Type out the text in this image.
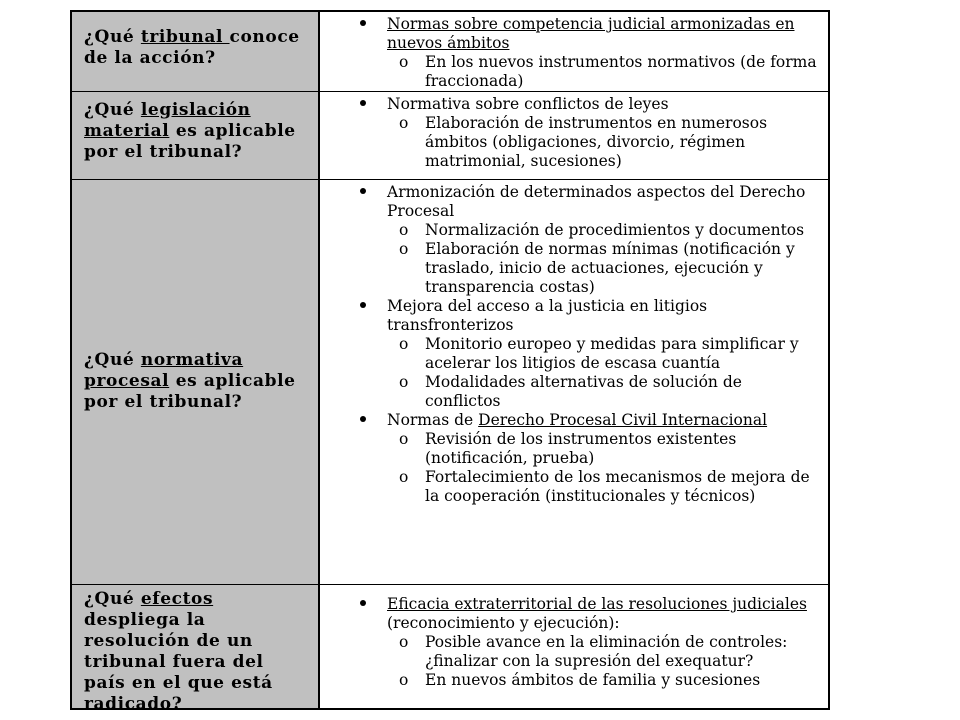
¿Qué tribunal conoce de la acción?
Normas sobre competencia judicial armonizadas en nuevos ámbitos
o En los nuevos instrumentos normativos (de forma fraccionada)
¿Qué legislación material es aplicable por el tribunal?
Normativa sobre conflictos de leyes
o Elaboración de instrumentos en numerosos ámbitos (obligaciones, divorcio, régimen matrimonial, sucesiones)
¿Qué normativa procesal es aplicable por el tribunal?
Armonización de determinados aspectos del Derecho Procesal
o Normalización de procedimientos y documentos
o Elaboración de normas mínimas (notificación y traslado, inicio de actuaciones, ejecución y transparencia costas)
Mejora del acceso a la justicia en litigios transfronterizos
o Monitorio europeo y medidas para simplificar y acelerar los litigios de escasa cuantía
o Modalidades alternativas de solución de conflictos
Normas de Derecho Procesal Civil Internacional
o Revisión de los instrumentos existentes (notificación, prueba)
o Fortalecimiento de los mecanismos de mejora de la cooperación (institucionales y técnicos)
¿Qué efectos despliega la resolución de un tribunal fuera del país en el que está radicado?
Eficacia extraterritorial de las resoluciones judiciales (reconocimiento y ejecución):
o Posible avance en la eliminación de controles: ¿finalizar con la supresión del exequatur?
o En nuevos ámbitos de familia y sucesiones
